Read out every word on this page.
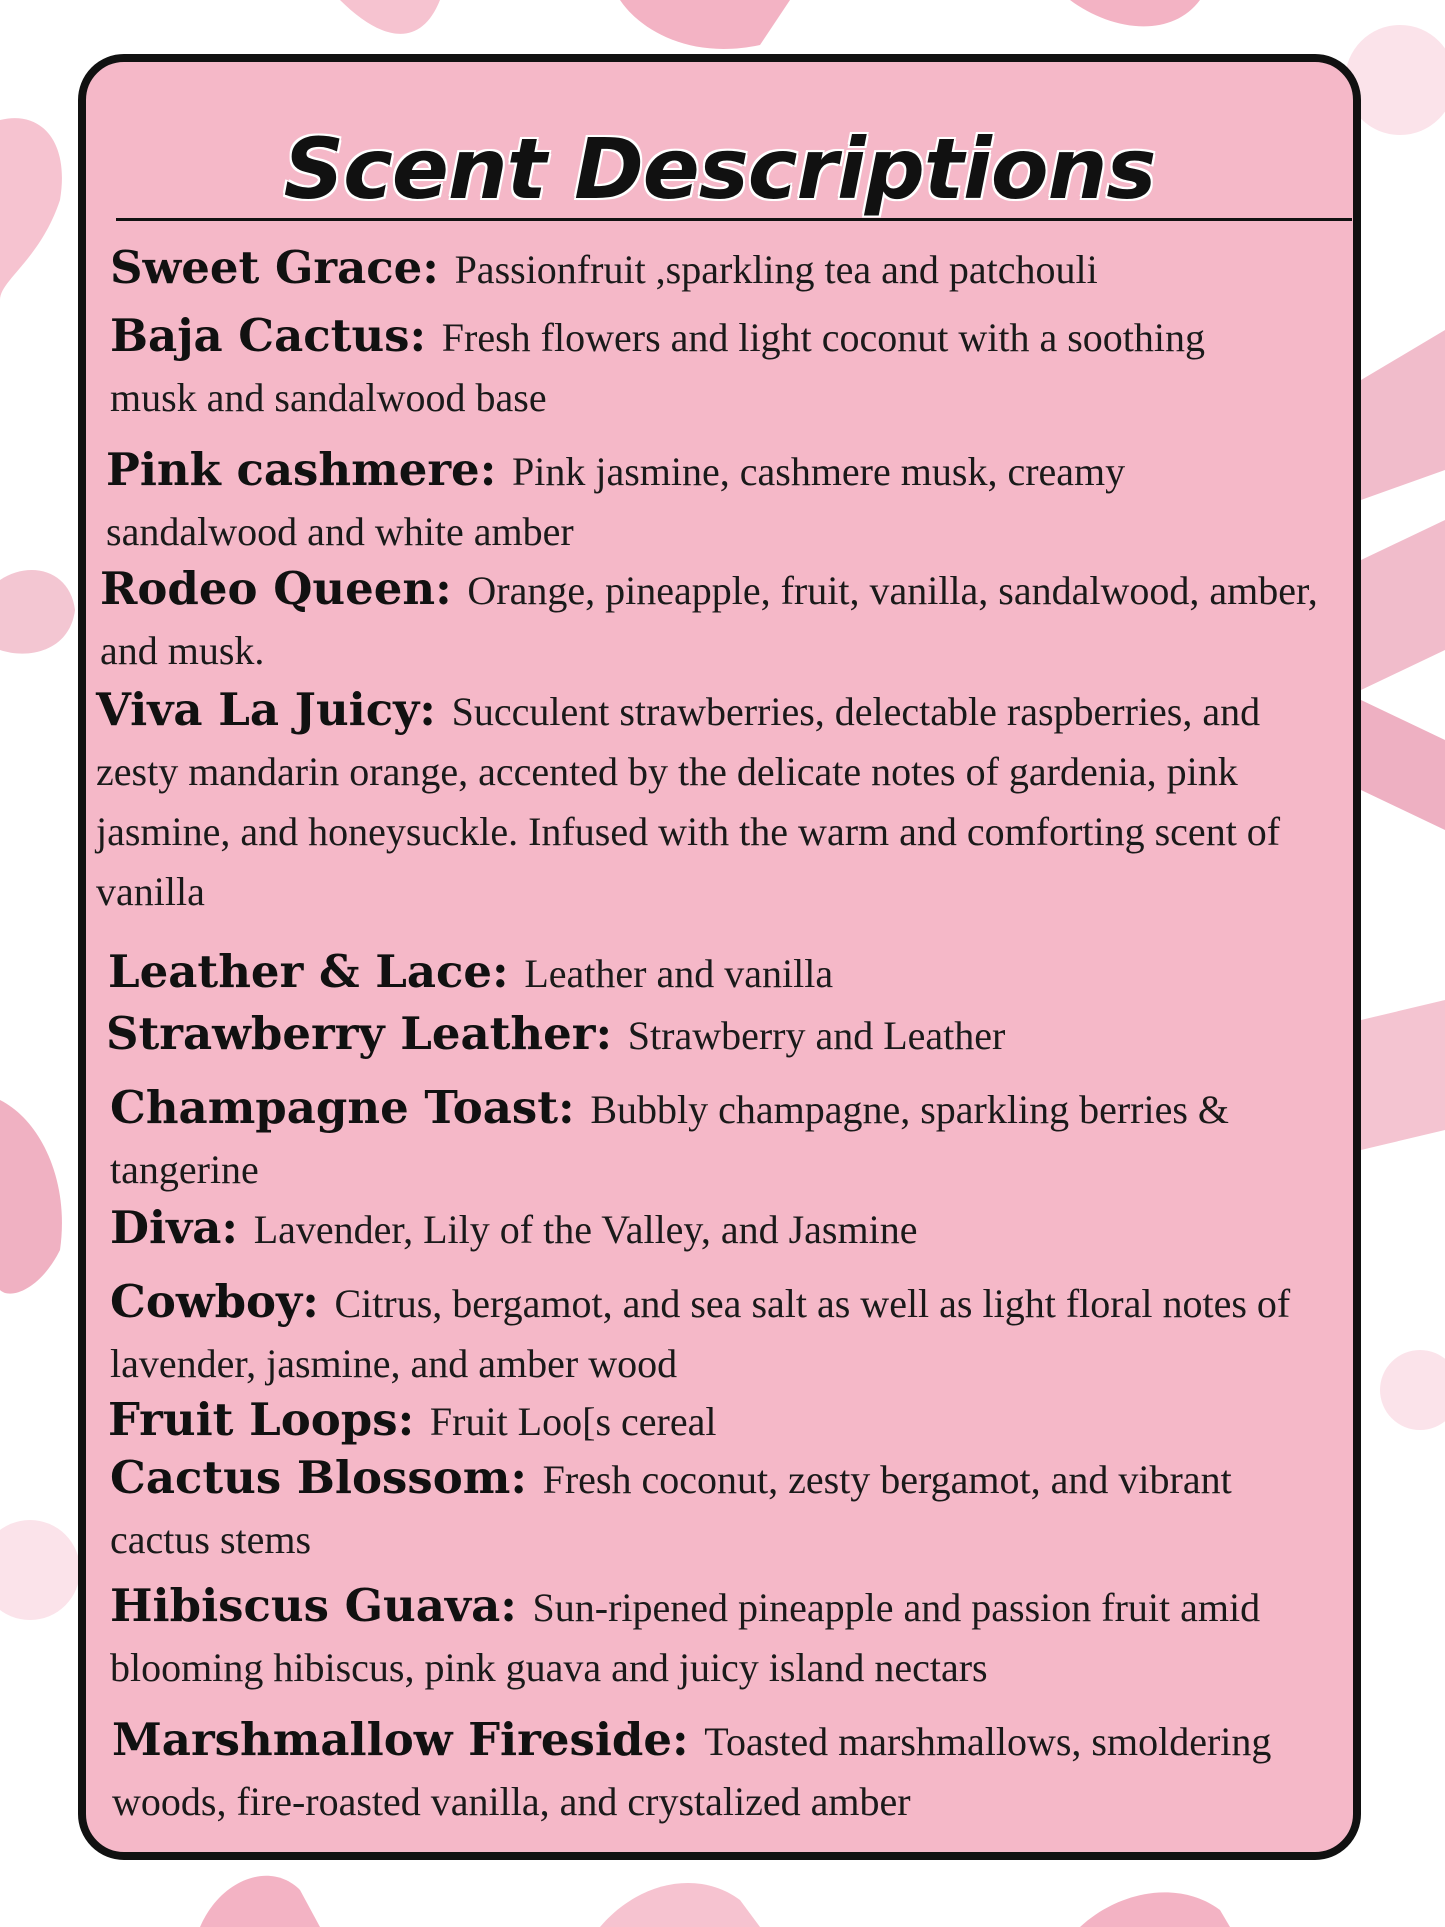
Scent Descriptions
Sweet Grace: Passionfruit ,sparkling tea and patchouli
Baja Cactus: Fresh flowers and light coconut with a soothing musk and sandalwood base
Pink cashmere: Pink jasmine, cashmere musk, creamy sandalwood and white amber
Rodeo Queen: Orange, pineapple, fruit, vanilla, sandalwood, amber, and musk.
Viva La Juicy: Succulent strawberries, delectable raspberries, and zesty mandarin orange, accented by the delicate notes of gardenia, pink jasmine, and honeysuckle. Infused with the warm and comforting scent of vanilla
Leather & Lace: Leather and vanilla
Strawberry Leather: Strawberry and Leather
Champagne Toast: Bubbly champagne, sparkling berries & tangerine
Diva: Lavender, Lily of the Valley, and Jasmine
Cowboy: Citrus, bergamot, and sea salt as well as light floral notes of lavender, jasmine, and amber wood
Fruit Loops: Fruit Loo[s cereal
Cactus Blossom: Fresh coconut, zesty bergamot, and vibrant cactus stems
Hibiscus Guava: Sun-ripened pineapple and passion fruit amid blooming hibiscus, pink guava and juicy island nectars
Marshmallow Fireside: Toasted marshmallows, smoldering woods, fire-roasted vanilla, and crystalized amber
